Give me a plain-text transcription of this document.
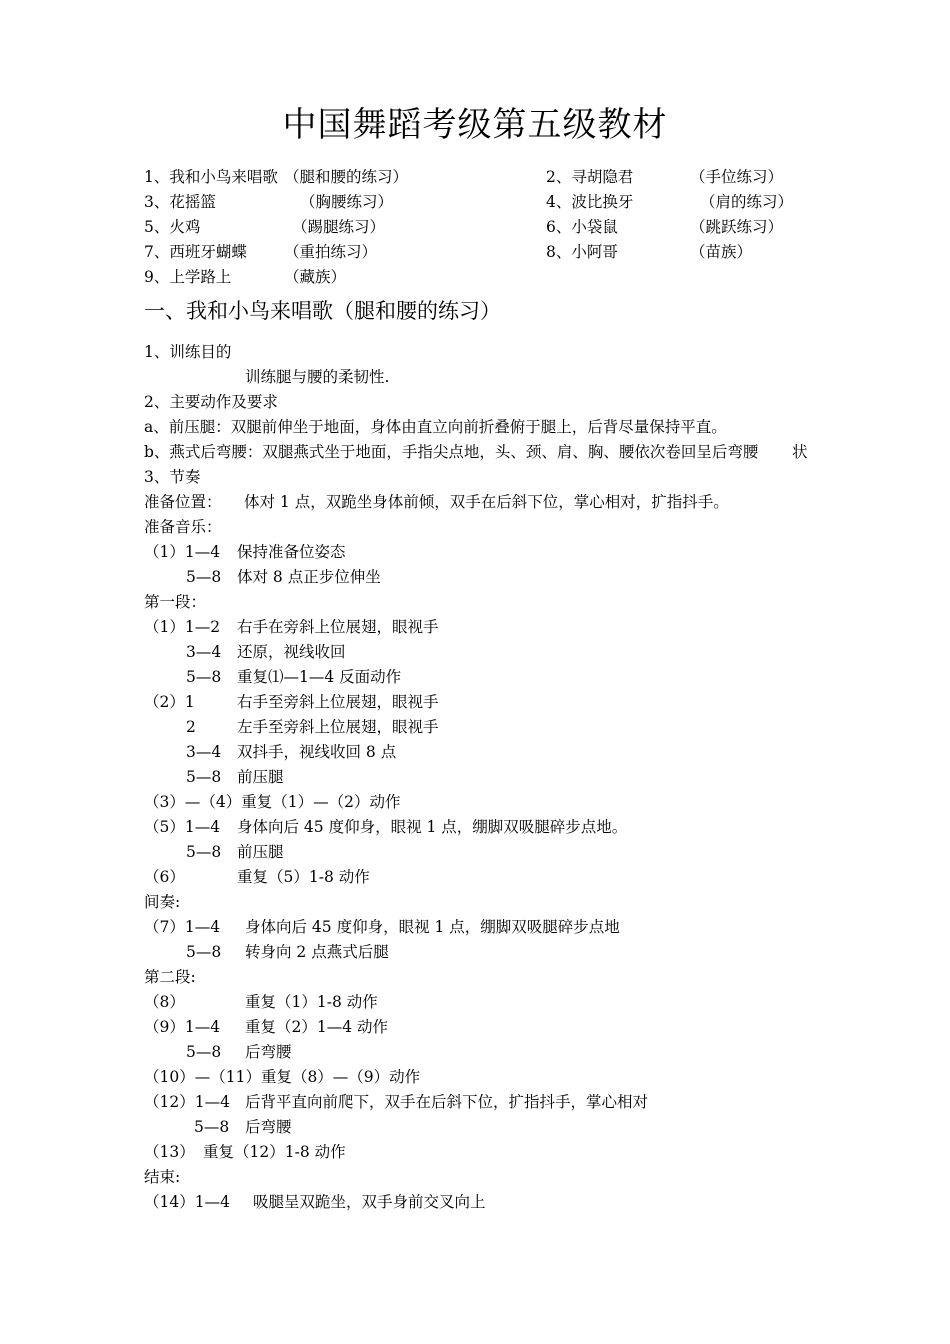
中国舞蹈考级第五级教材
1、我和小鸟来唱歌 （腿和腰的练习）	2、寻胡隐君	（手位练习）
3、花摇篮	（胸腰练习）	4、波比换牙	（肩的练习）
5、火鸡	（踢腿练习）	6、小袋鼠	（跳跃练习）
7、西班牙蝴蝶 （重拍练习）	8、小阿哥	（苗族）
9、上学路上	（藏族）
一、我和小鸟来唱歌（腿和腰的练习）
1、训练目的
训练腿与腰的柔韧性.
2、主要动作及要求
a、前压腿：双腿前伸坐于地面，身体由直立向前折叠俯于腿上，后背尽量保持平直。
b、燕式后弯腰：双腿燕式坐于地面，手指尖点地，头、颈、肩、胸、腰依次卷回呈后弯腰 状
3、节奏
准备位置： 体对 1 点，双跪坐身体前倾，双手在后斜下位，掌心相对，扩指抖手。
准备音乐：
（1）1—4 保持准备位姿态
5—8 体对 8 点正步位伸坐
第一段：
（1）1—2 右手在旁斜上位展翅，眼视手
3—4 还原，视线收回
5—8 重复⑴—1—4 反面动作
（2）1	右手至旁斜上位展翅，眼视手
2	左手至旁斜上位展翅，眼视手
3—4 双抖手，视线收回 8 点
5—8 前压腿
（3）—（4）重复（1）—（2）动作
（5）1—4 身体向后 45 度仰身，眼视 1 点，绷脚双吸腿碎步点地。
5—8 前压腿
（6）	重复（5）1-8 动作
间奏:
（7）1—4 身体向后 45 度仰身，眼视 1 点，绷脚双吸腿碎步点地
5—8 转身向 2 点燕式后腿
第二段:
（8）	重复（1）1-8 动作
（9）1—4 重复（2）1—4 动作
5—8 后弯腰
（10）—（11）重复（8）—（9）动作
（12）1—4 后背平直向前爬下，双手在后斜下位，扩指抖手，掌心相对
5—8 后弯腰
（13） 重复（12）1-8 动作
结束:
（14）1—4 吸腿呈双跪坐，双手身前交叉向上
